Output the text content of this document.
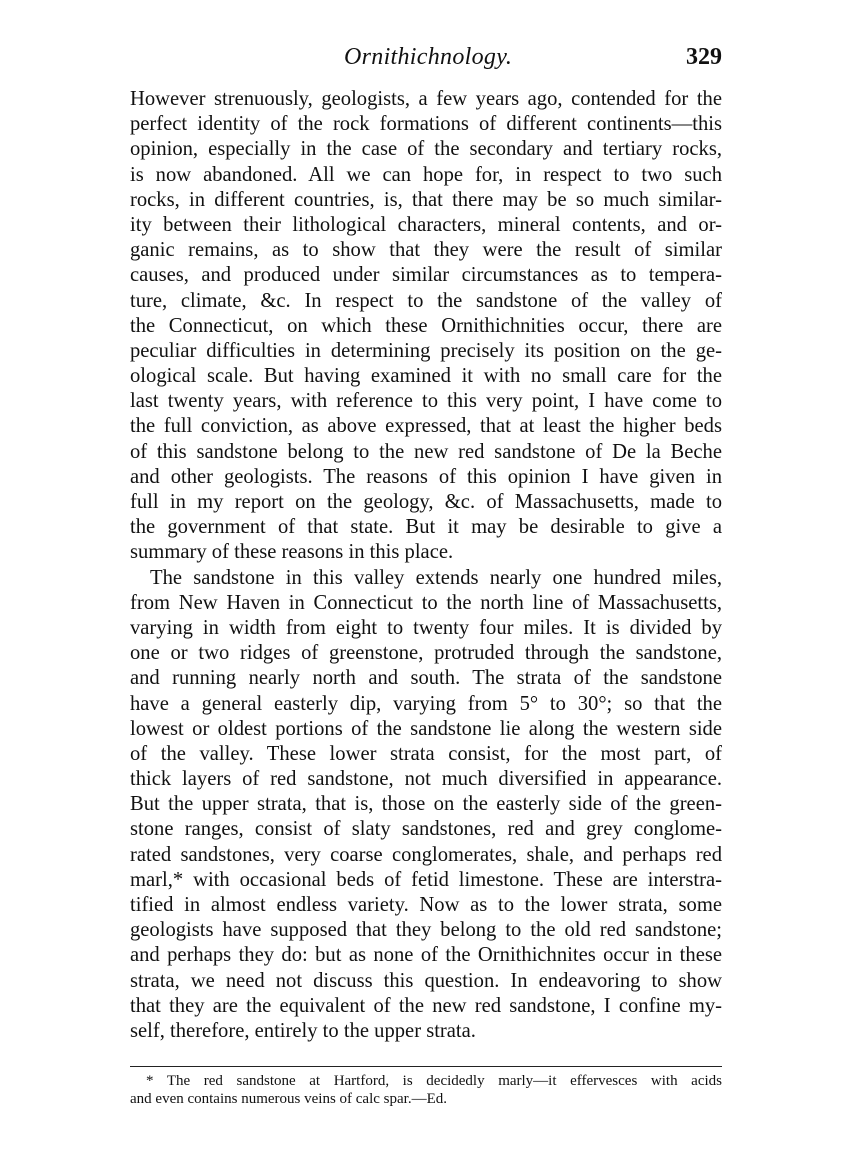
Ornithichnology.	329
However strenuously, geologists, a few years ago, contended for the
perfect identity of the rock formations of different continents—this
opinion, especially in the case of the secondary and tertiary rocks,
is now abandoned. All we can hope for, in respect to two such
rocks, in different countries, is, that there may be so much similar-
ity between their lithological characters, mineral contents, and or-
ganic remains, as to show that they were the result of similar
causes, and produced under similar circumstances as to tempera-
ture, climate, &c. In respect to the sandstone of the valley of
the Connecticut, on which these Ornithichnities occur, there are
peculiar difficulties in determining precisely its position on the ge-
ological scale. But having examined it with no small care for the
last twenty years, with reference to this very point, I have come to
the full conviction, as above expressed, that at least the higher beds
of this sandstone belong to the new red sandstone of De la Beche
and other geologists. The reasons of this opinion I have given in
full in my report on the geology, &c. of Massachusetts, made to
the government of that state. But it may be desirable to give a
summary of these reasons in this place.
The sandstone in this valley extends nearly one hundred miles,
from New Haven in Connecticut to the north line of Massachusetts,
varying in width from eight to twenty four miles. It is divided by
one or two ridges of greenstone, protruded through the sandstone,
and running nearly north and south. The strata of the sandstone
have a general easterly dip, varying from 5° to 30°; so that the
lowest or oldest portions of the sandstone lie along the western side
of the valley. These lower strata consist, for the most part, of
thick layers of red sandstone, not much diversified in appearance.
But the upper strata, that is, those on the easterly side of the green-
stone ranges, consist of slaty sandstones, red and grey conglome-
rated sandstones, very coarse conglomerates, shale, and perhaps red
marl,* with occasional beds of fetid limestone. These are interstra-
tified in almost endless variety. Now as to the lower strata, some
geologists have supposed that they belong to the old red sandstone;
and perhaps they do: but as none of the Ornithichnites occur in these
strata, we need not discuss this question. In endeavoring to show
that they are the equivalent of the new red sandstone, I confine my-
self, therefore, entirely to the upper strata.
* The red sandstone at Hartford, is decidedly marly—it effervesces with acids
and even contains numerous veins of calc spar.—Ed.
